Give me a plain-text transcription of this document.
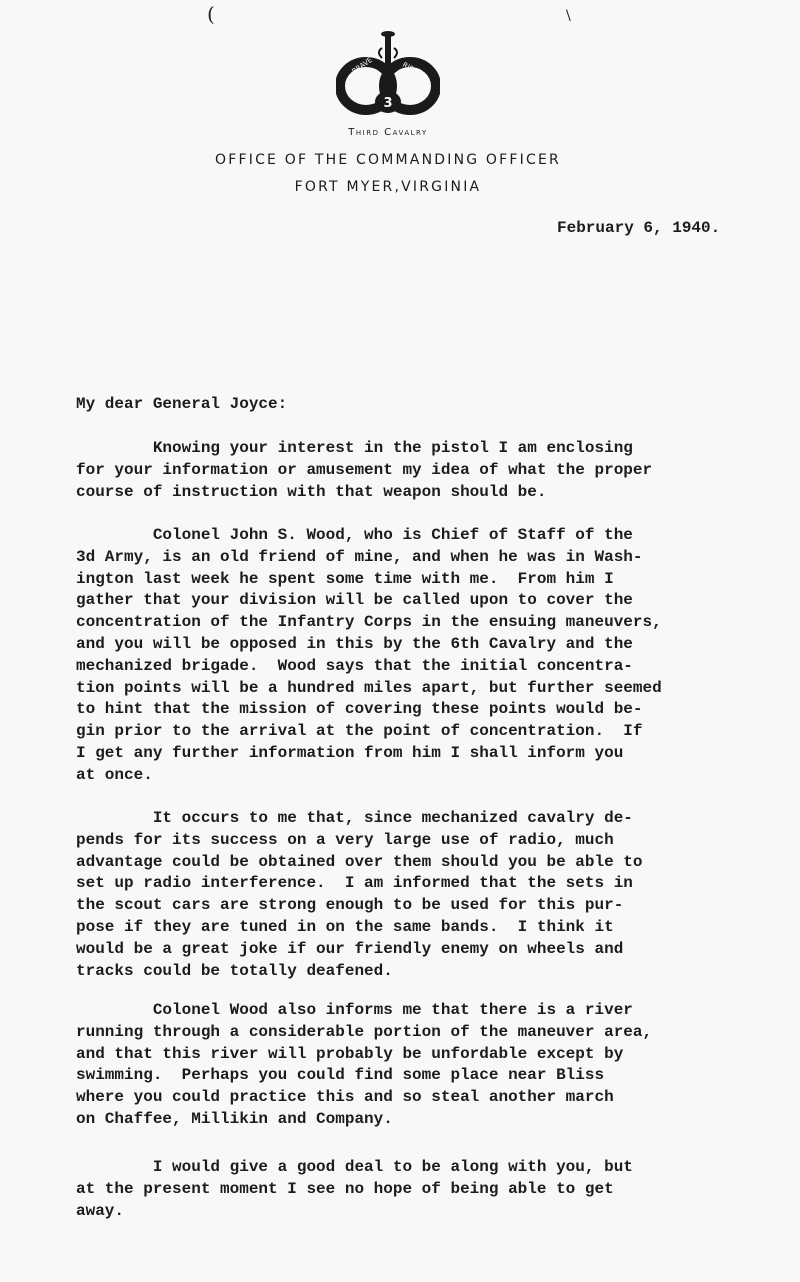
(	\
3
BRAVE	RIFLES
Third Cavalry
OFFICE OF THE COMMANDING OFFICER
FORT MYER,VIRGINIA
February 6, 1940.
My dear General Joyce:
Knowing your interest in the pistol I am enclosing
for your information or amusement my idea of what the proper
course of instruction with that weapon should be.
Colonel John S. Wood, who is Chief of Staff of the
3d Army, is an old friend of mine, and when he was in Wash-
ington last week he spent some time with me.  From him I
gather that your division will be called upon to cover the
concentration of the Infantry Corps in the ensuing maneuvers,
and you will be opposed in this by the 6th Cavalry and the
mechanized brigade.  Wood says that the initial concentra-
tion points will be a hundred miles apart, but further seemed
to hint that the mission of covering these points would be-
gin prior to the arrival at the point of concentration.  If
I get any further information from him I shall inform you
at once.
It occurs to me that, since mechanized cavalry de-
pends for its success on a very large use of radio, much
advantage could be obtained over them should you be able to
set up radio interference.  I am informed that the sets in
the scout cars are strong enough to be used for this pur-
pose if they are tuned in on the same bands.  I think it
would be a great joke if our friendly enemy on wheels and
tracks could be totally deafened.
Colonel Wood also informs me that there is a river
running through a considerable portion of the maneuver area,
and that this river will probably be unfordable except by
swimming.  Perhaps you could find some place near Bliss
where you could practice this and so steal another march
on Chaffee, Millikin and Company.
I would give a good deal to be along with you, but
at the present moment I see no hope of being able to get
away.
